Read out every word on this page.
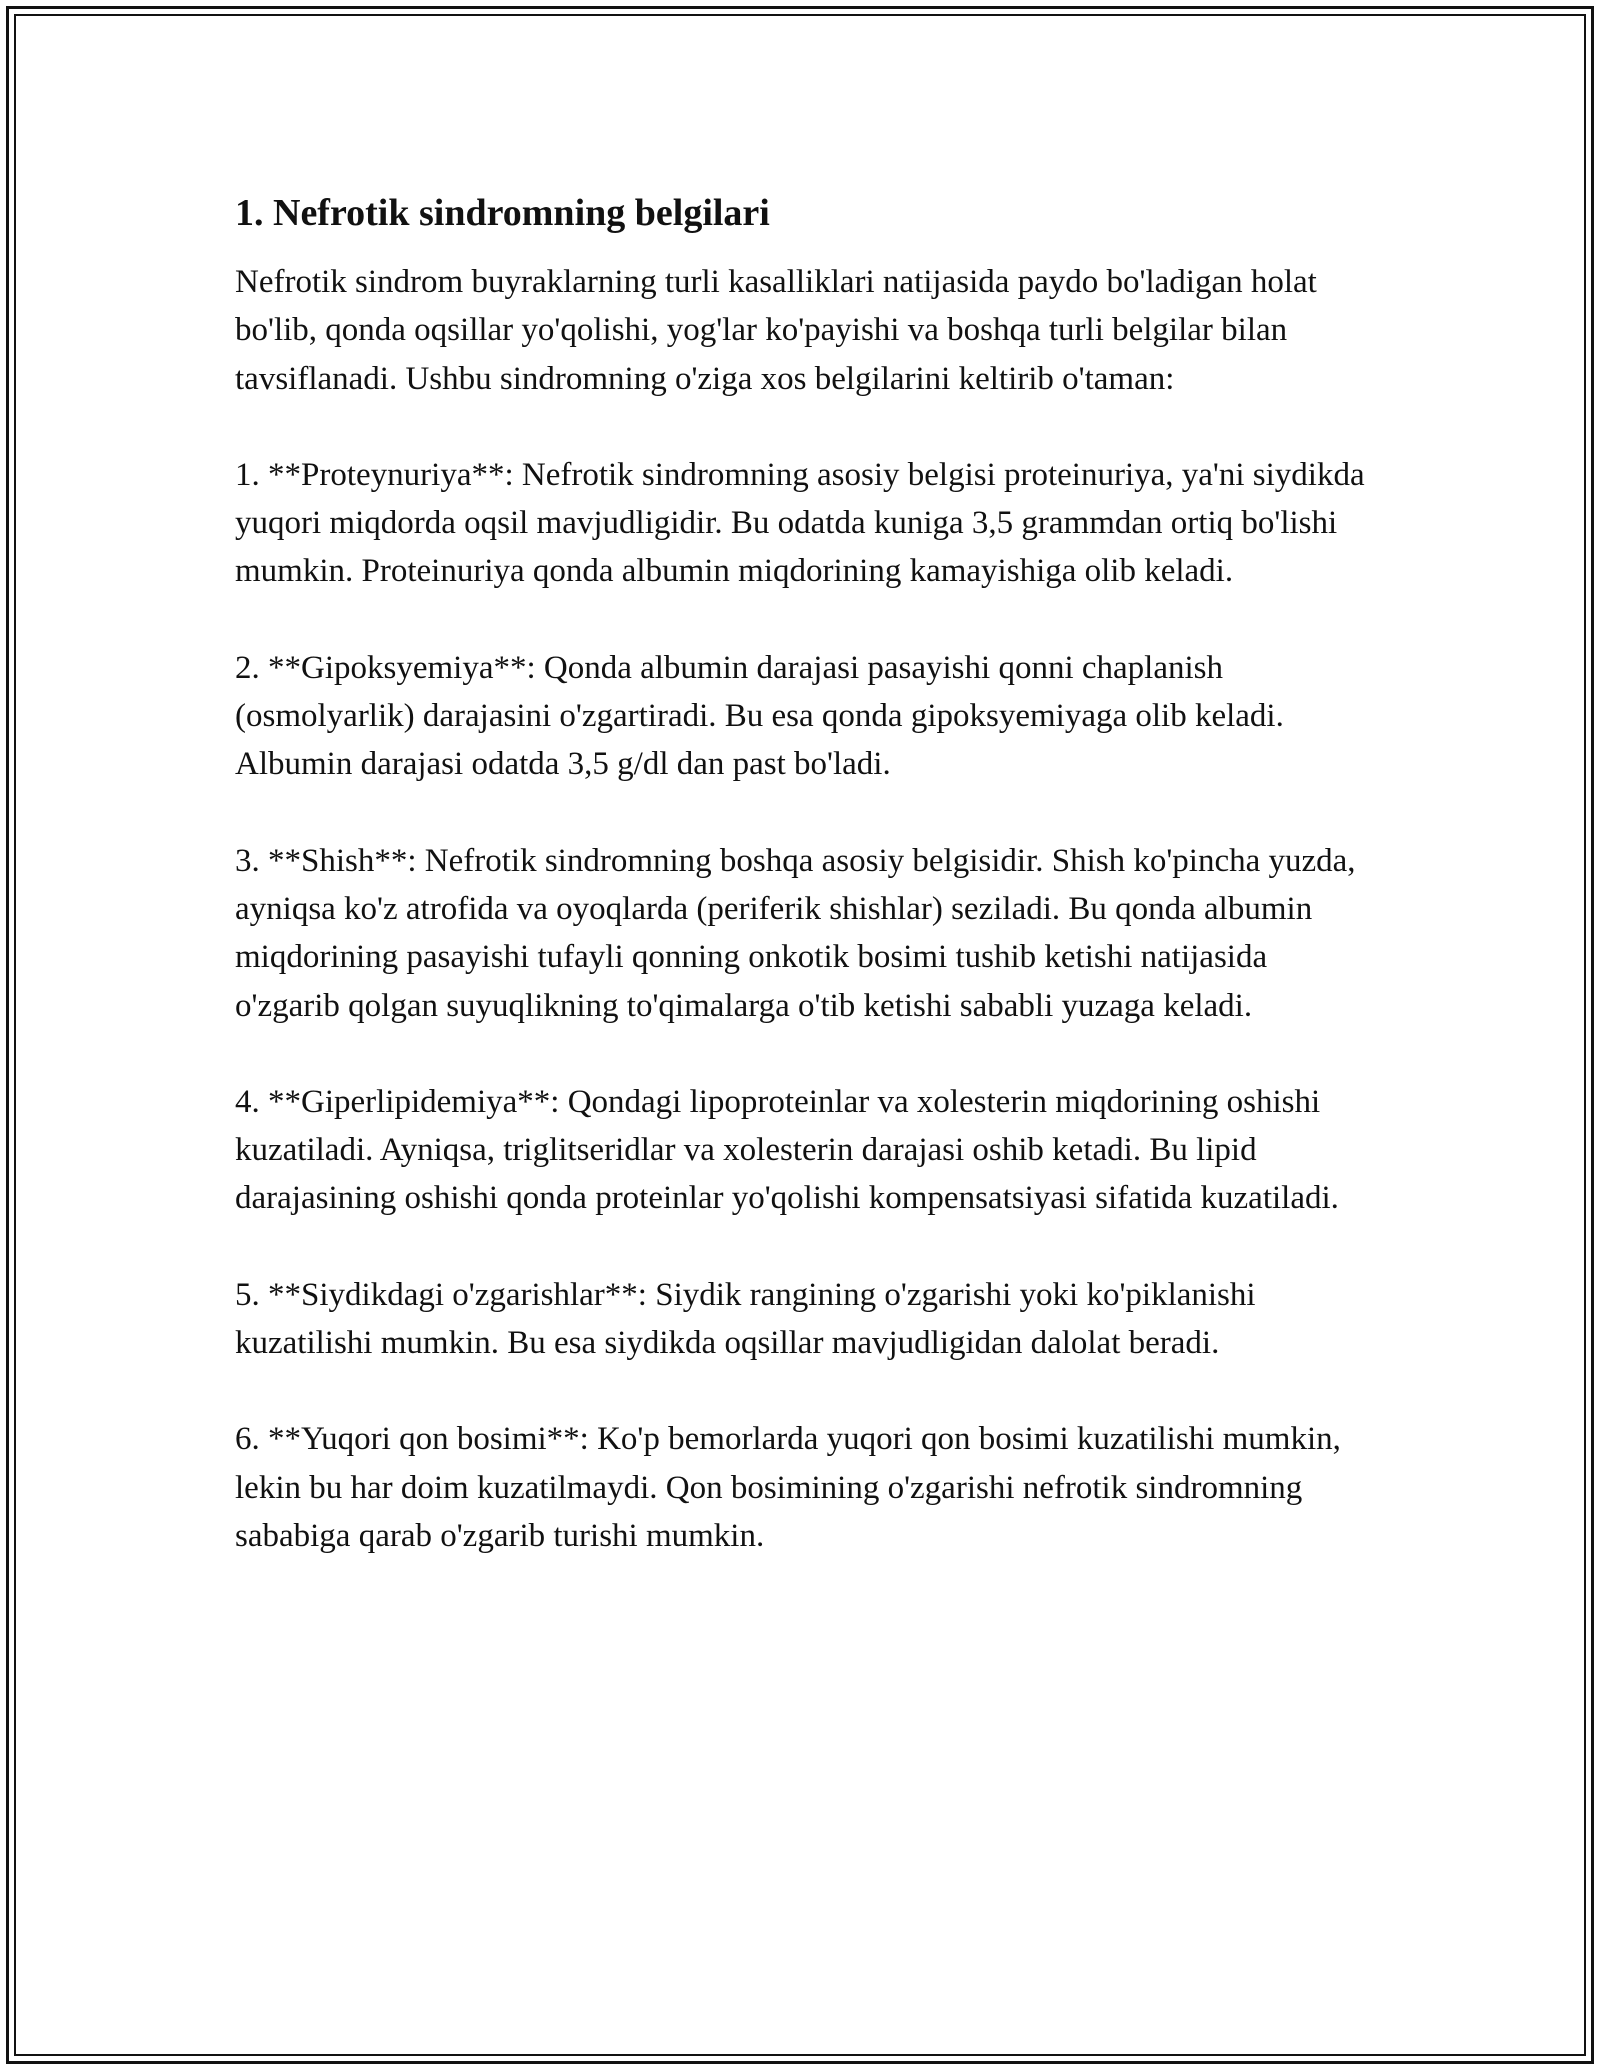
1. Nefrotik sindromning belgilari

Nefrotik sindrom buyraklarning turli kasalliklari natijasida paydo bo'ladigan holat bo'lib, qonda oqsillar yo'qolishi, yog'lar ko'payishi va boshqa turli belgilar bilan tavsiflanadi. Ushbu sindromning o'ziga xos belgilarini keltirib o'taman:

1. **Proteynuriya**: Nefrotik sindromning asosiy belgisi proteinuriya, ya'ni siydikda yuqori miqdorda oqsil mavjudligidir. Bu odatda kuniga 3,5 grammdan ortiq bo'lishi mumkin. Proteinuriya qonda albumin miqdorining kamayishiga olib keladi.

2. **Gipoksyemiya**: Qonda albumin darajasi pasayishi qonni chaplanish (osmolyarlik) darajasini o'zgartiradi. Bu esa qonda gipoksyemiyaga olib keladi. Albumin darajasi odatda 3,5 g/dl dan past bo'ladi.

3. **Shish**: Nefrotik sindromning boshqa asosiy belgisidir. Shish ko'pincha yuzda, ayniqsa ko'z atrofida va oyoqlarda (periferik shishlar) seziladi. Bu qonda albumin miqdorining pasayishi tufayli qonning onkotik bosimi tushib ketishi natijasida o'zgarib qolgan suyuqlikning to'qimalarga o'tib ketishi sababli yuzaga keladi.

4. **Giperlipidemiya**: Qondagi lipoproteinlar va xolesterin miqdorining oshishi kuzatiladi. Ayniqsa, triglitseridlar va xolesterin darajasi oshib ketadi. Bu lipid darajasining oshishi qonda proteinlar yo'qolishi kompensatsiyasi sifatida kuzatiladi.

5. **Siydikdagi o'zgarishlar**: Siydik rangining o'zgarishi yoki ko'piklanishi kuzatilishi mumkin. Bu esa siydikda oqsillar mavjudligidan dalolat beradi.

6. **Yuqori qon bosimi**: Ko'p bemorlarda yuqori qon bosimi kuzatilishi mumkin, lekin bu har doim kuzatilmaydi. Qon bosimining o'zgarishi nefrotik sindromning sababiga qarab o'zgarib turishi mumkin.
